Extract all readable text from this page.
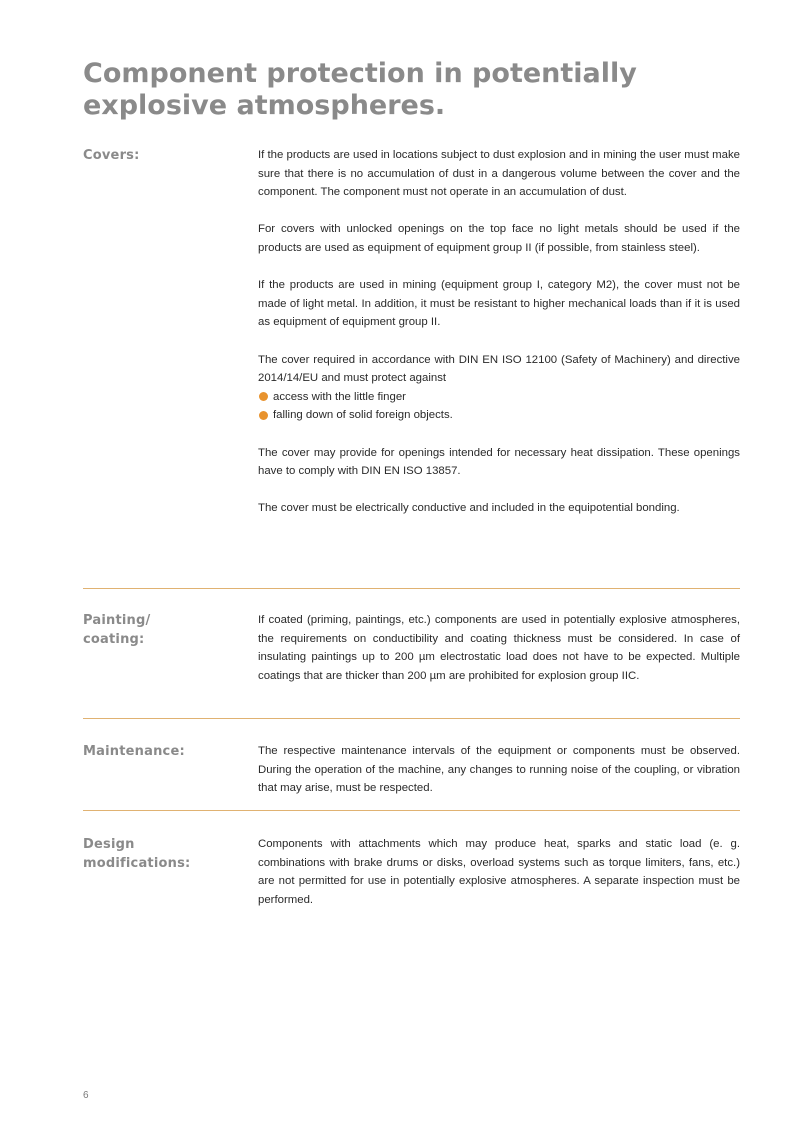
Component protection in potentially
explosive atmospheres.
Covers:	If the products are used in locations subject to dust explosion and in mining the user must make sure that there is no accumulation of dust in a dangerous volume between the cover and the component. The component must not operate in an accumulation of dust.

For covers with unlocked openings on the top face no light metals should be used if the products are used as equipment of equipment group II (if possible, from stainless steel).

If the products are used in mining (equipment group I, category M2), the cover must not be made of light metal. In addition, it must be resistant to higher mechanical loads than if it is used as equipment of equipment group II.

The cover required in accordance with DIN EN ISO 12100 (Safety of Machinery) and directive 2014/14/EU and must protect against

access with the little finger
falling down of solid foreign objects.

The cover may provide for openings intended for necessary heat dissipation. These openings have to comply with DIN EN ISO 13857.

The cover must be electrically conductive and included in the equipotential bonding.

Painting/
coating:

If coated (priming, paintings, etc.) components are used in potentially explosive atmospheres, the requirements on conductibility and coating thickness must be considered. In case of insulating paintings up to 200 µm electrostatic load does not have to be expected. Multiple coatings that are thicker than 200 µm are prohibited for explosion group IIC.

Maintenance:	The respective maintenance intervals of the equipment or components must be observed. During the operation of the machine, any changes to running noise of the coupling, or vibration that may arise, must be respected.

Design
modifications:

Components with attachments which may produce heat, sparks and static load (e. g. combinations with brake drums or disks, overload systems such as torque limiters, fans, etc.) are not permitted for use in potentially explosive atmospheres. A separate inspection must be performed.

6
